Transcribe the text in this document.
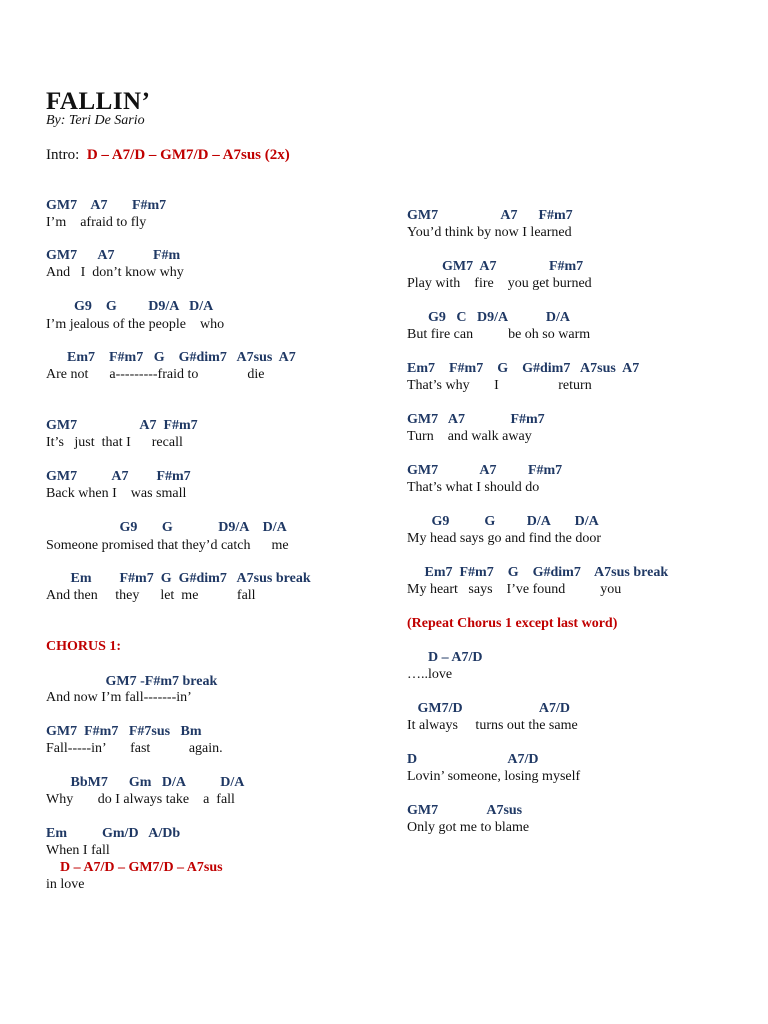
FALLIN’
By: Teri De Sario
Intro:  D – A7/D – GM7/D – A7sus (2x)
GM7    A7       F#m7
I’m    afraid to fly
GM7      A7           F#m
And   I  don’t know why
G9    G         D9/A   D/A
I’m jealous of the people    who
Em7    F#m7   G    G#dim7   A7sus  A7
Are not      a---------fraid to              die
GM7                  A7  F#m7
It’s   just  that I      recall
GM7          A7        F#m7
Back when I    was small
G9       G             D9/A    D/A
Someone promised that they’d catch      me
Em        F#m7  G  G#dim7   A7sus break
And then     they      let  me           fall
CHORUS 1:
GM7 -F#m7 break
And now I’m fall-------in’
GM7  F#m7   F#7sus   Bm
Fall-----in’       fast           again.
BbM7      Gm   D/A          D/A
Why       do I always take    a  fall
Em          Gm/D   A/Db
When I fall
D – A7/D – GM7/D – A7sus
in love
GM7                  A7      F#m7
You’d think by now I learned
GM7  A7               F#m7
Play with    fire    you get burned
G9   C   D9/A           D/A
But fire can          be oh so warm
Em7    F#m7    G    G#dim7   A7sus  A7
That’s why       I                 return
GM7   A7             F#m7
Turn    and walk away
GM7            A7         F#m7
That’s what I should do
G9          G         D/A       D/A
My head says go and find the door
Em7  F#m7    G    G#dim7    A7sus break
My heart   says    I’ve found          you
(Repeat Chorus 1 except last word)
D – A7/D
…..love
GM7/D                      A7/D
It always     turns out the same
D                          A7/D
Lovin’ someone, losing myself
GM7              A7sus
Only got me to blame
